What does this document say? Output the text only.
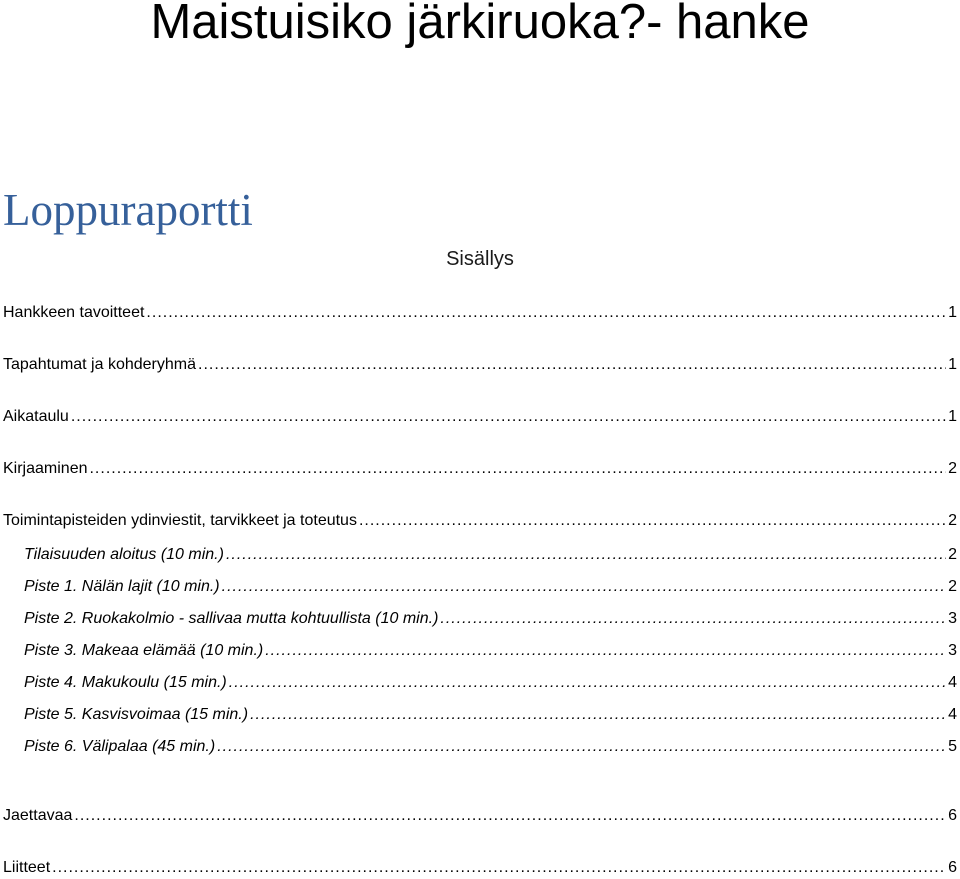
Maistuisiko järkiruoka?- hanke
Loppuraportti
Sisällys
Hankkeen tavoitteet .....	1
Tapahtumat ja kohderyhmä .....	1
Aikataulu .....	1
Kirjaaminen .....	2
Toimintapisteiden ydinviestit, tarvikkeet ja toteutus .....	2
Tilaisuuden aloitus (10 min.) .....	2
Piste 1. Nälän lajit (10 min.) .....	2
Piste 2. Ruokakolmio - sallivaa mutta kohtuullista (10 min.) .....	3
Piste 3. Makeaa elämää (10 min.) .....	3
Piste 4. Makukoulu (15 min.) .....	4
Piste 5. Kasvisvoimaa (15 min.) .....	4
Piste 6. Välipalaa (45 min.) .....	5
Jaettavaa .....	6
Liitteet .....	6
